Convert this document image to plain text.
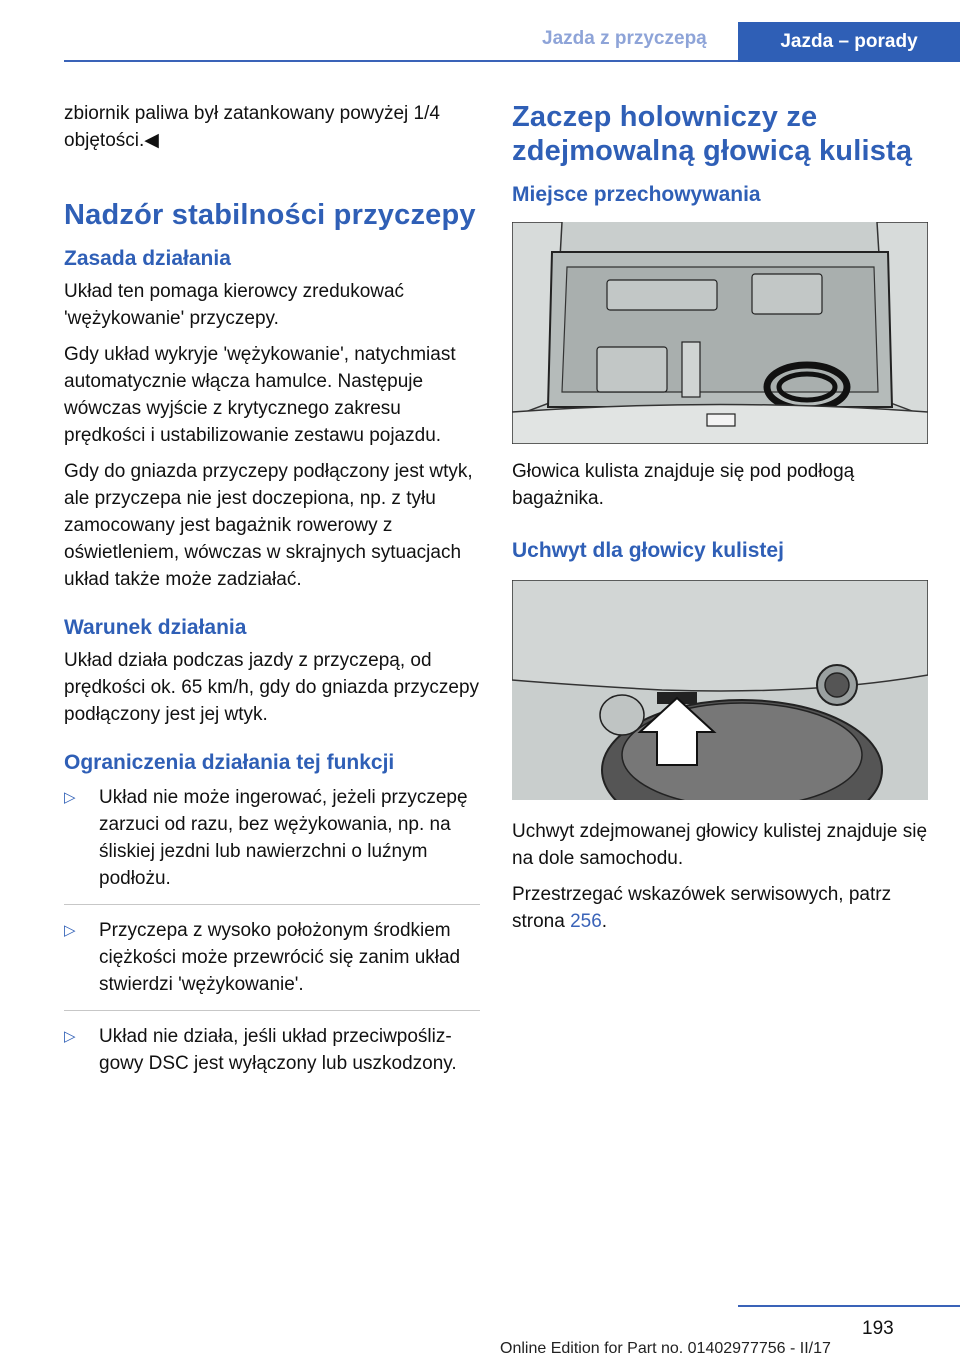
Jazda z przyczepą	Jazda – porady

zbiornik paliwa był zatankowany powyżej 1/4 objętości.◀

Nadzór stabilności przyczepy
Zasada działania

Układ ten pomaga kierowcy zredukować 'wężykowanie' przyczepy.

Gdy układ wykryje 'wężykowanie', natychmiast automatycznie włącza hamulce. Następuje wówczas wyjście z krytycznego zakresu prędkości i ustabilizowanie zestawu pojazdu.

Gdy do gniazda przyczepy podłączony jest wtyk, ale przyczepa nie jest doczepiona, np. z tyłu zamocowany jest bagażnik rowerowy z oświetleniem, wówczas w skrajnych sytuacjach układ także może zadziałać.

Warunek działania

Układ działa podczas jazdy z przyczepą, od prędkości ok. 65 km/h, gdy do gniazda przyczepy podłączony jest jej wtyk.

Ograniczenia działania tej funkcji
▷ Układ nie może ingerować, jeżeli przyczepę zarzuci od razu, bez wężykowania, np. na śliskiej jezdni lub nawierzchni o luźnym podłożu.
▷ Przyczepa z wysoko położonym środkiem ciężkości może przewrócić się zanim układ stwierdzi 'wężykowanie'.
▷ Układ nie działa, jeśli układ przeciwpoślizgowy DSC jest wyłączony lub uszkodzony.
Zaczep holowniczy ze zdejmowalną głowicą kulistą
Miejsce przechowywania

Głowica kulista znajduje się pod podłogą bagażnika.

Uchwyt dla głowicy kulistej

Uchwyt zdejmowanej głowicy kulistej znajduje się na dole samochodu.

Przestrzegać wskazówek serwisowych, patrz strona 256.

193
Online Edition for Part no. 01402977756 - II/17
